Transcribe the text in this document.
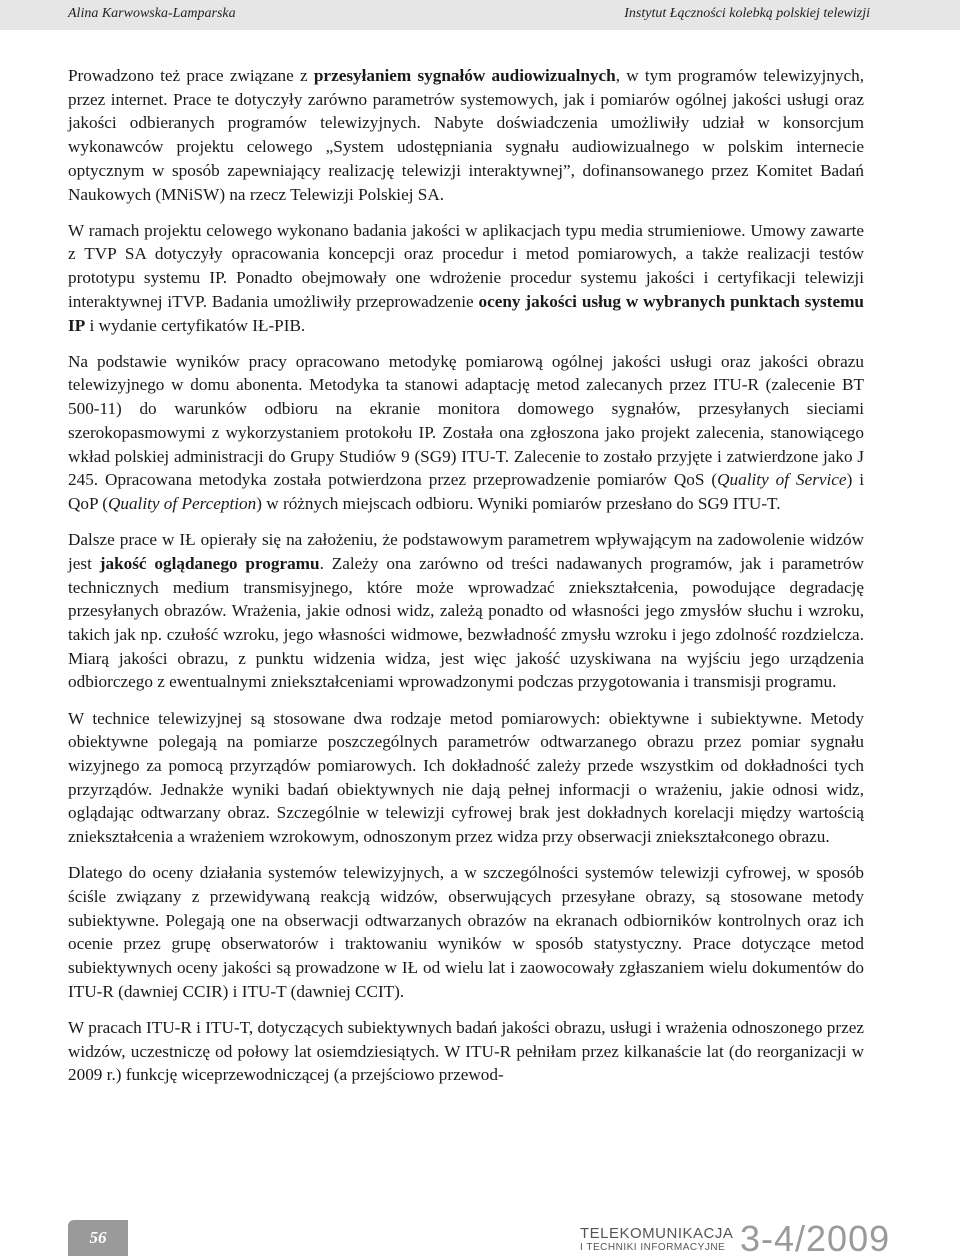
Alina Karwowska-Lamparska	Instytut Łączności kolebką polskiej telewizji

Prowadzono też prace związane z przesyłaniem sygnałów audiowizualnych, w tym programów telewizyjnych, przez internet. Prace te dotyczyły zarówno parametrów systemowych, jak i pomiarów ogólnej jakości usługi oraz jakości odbieranych programów telewizyjnych. Nabyte doświadczenia umożliwiły udział w konsorcjum wykonawców projektu celowego „System udostępniania sygnału audiowizualnego w polskim internecie optycznym w sposób zapewniający realizację telewizji interaktywnej”, dofinansowanego przez Komitet Badań Naukowych (MNiSW) na rzecz Telewizji Polskiej SA.

W ramach projektu celowego wykonano badania jakości w aplikacjach typu media strumieniowe. Umowy zawarte z TVP SA dotyczyły opracowania koncepcji oraz procedur i metod pomiarowych, a także realizacji testów prototypu systemu IP. Ponadto obejmowały one wdrożenie procedur systemu jakości i certyfikacji telewizji interaktywnej iTVP. Badania umożliwiły przeprowadzenie oceny jakości usług w wybranych punktach systemu IP i wydanie certyfikatów IŁ-PIB.

Na podstawie wyników pracy opracowano metodykę pomiarową ogólnej jakości usługi oraz jakości obrazu telewizyjnego w domu abonenta. Metodyka ta stanowi adaptację metod zalecanych przez ITU-R (zalecenie BT 500-11) do warunków odbioru na ekranie monitora domowego sygnałów, przesyłanych sieciami szerokopasmowymi z wykorzystaniem protokołu IP. Została ona zgłoszona jako projekt zalecenia, stanowiącego wkład polskiej administracji do Grupy Studiów 9 (SG9) ITU-T. Zalecenie to zostało przyjęte i zatwierdzone jako J 245. Opracowana metodyka została potwierdzona przez przeprowadzenie pomiarów QoS (Quality of Service) i QoP (Quality of Perception) w różnych miejscach odbioru. Wyniki pomiarów przesłano do SG9 ITU-T.

Dalsze prace w IŁ opierały się na założeniu, że podstawowym parametrem wpływającym na zadowolenie widzów jest jakość oglądanego programu. Zależy ona zarówno od treści nadawanych programów, jak i parametrów technicznych medium transmisyjnego, które może wprowadzać zniekształcenia, powodujące degradację przesyłanych obrazów. Wrażenia, jakie odnosi widz, zależą ponadto od własności jego zmysłów słuchu i wzroku, takich jak np. czułość wzroku, jego własności widmowe, bezwładność zmysłu wzroku i jego zdolność rozdzielcza. Miarą jakości obrazu, z punktu widzenia widza, jest więc jakość uzyskiwana na wyjściu jego urządzenia odbiorczego z ewentualnymi zniekształceniami wprowadzonymi podczas przygotowania i transmisji programu.

W technice telewizyjnej są stosowane dwa rodzaje metod pomiarowych: obiektywne i subiektywne. Metody obiektywne polegają na pomiarze poszczególnych parametrów odtwarzanego obrazu przez pomiar sygnału wizyjnego za pomocą przyrządów pomiarowych. Ich dokładność zależy przede wszystkim od dokładności tych przyrządów. Jednakże wyniki badań obiektywnych nie dają pełnej informacji o wrażeniu, jakie odnosi widz, oglądając odtwarzany obraz. Szczególnie w telewizji cyfrowej brak jest dokładnych korelacji między wartością zniekształcenia a wrażeniem wzrokowym, odnoszonym przez widza przy obserwacji zniekształconego obrazu.

Dlatego do oceny działania systemów telewizyjnych, a w szczególności systemów telewizji cyfrowej, w sposób ściśle związany z przewidywaną reakcją widzów, obserwujących przesyłane obrazy, są stosowane metody subiektywne. Polegają one na obserwacji odtwarzanych obrazów na ekranach odbiorników kontrolnych oraz ich ocenie przez grupę obserwatorów i traktowaniu wyników w sposób statystyczny. Prace dotyczące metod subiektywnych oceny jakości są prowadzone w IŁ od wielu lat i zaowocowały zgłaszaniem wielu dokumentów do ITU-R (dawniej CCIR) i ITU-T (dawniej CCIT).

W pracach ITU-R i ITU-T, dotyczących subiektywnych badań jakości obrazu, usługi i wrażenia odnoszonego przez widzów, uczestniczę od połowy lat osiemdziesiątych. W ITU-R pełniłam przez kilkanaście lat (do reorganizacji w 2009 r.) funkcję wiceprzewodniczącej (a przejściowo przewod-

56	TELEKOMUNIKACJA
I TECHNIKI INFORMACYJNE 3-4/2009
